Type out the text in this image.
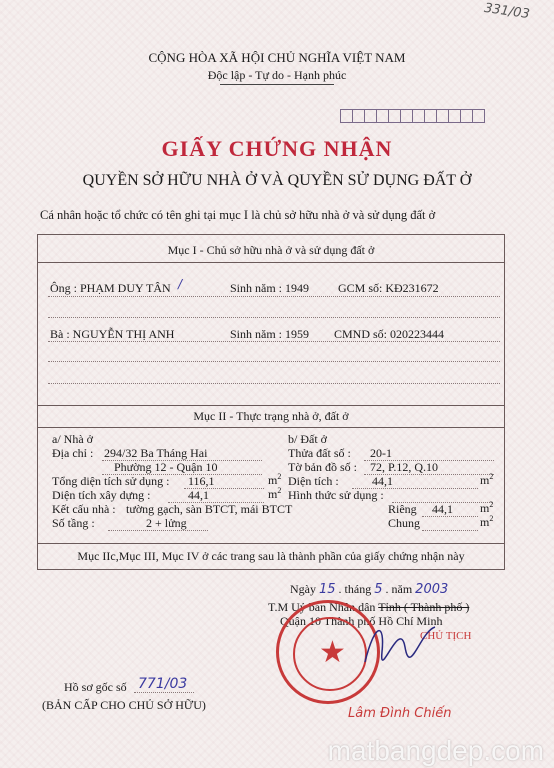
331/03
CỘNG HÒA XÃ HỘI CHỦ NGHĨA VIỆT NAM
Độc lập - Tự do - Hạnh phúc
GIẤY CHỨNG NHẬN
QUYỀN SỞ HỮU NHÀ Ở VÀ QUYỀN SỬ DỤNG ĐẤT Ở
Cá nhân hoặc tổ chức có tên ghi tại mục I là chủ sở hữu nhà ở và sử dụng đất ở
Mục I - Chủ sở hữu nhà ở và sử dụng đất ở
Ông : PHẠM DUY TÂN /	Sinh năm : 1949 GCM số: KĐ231672
Bà : NGUYỄN THỊ ANH	Sinh năm : 1959 CMND số: 020223444
Mục II - Thực trạng nhà ở, đất ở
a/ Nhà ở
Địa chỉ : 294/32 Ba Tháng Hai
Phường 12 - Quận 10
Tổng diện tích sử dụng : 116,1	$m^2$
Diện tích xây dựng :	44,1	$m^2$
Kết cấu nhà : tường gạch, sàn BTCT, mái BTCT
Số tầng :	2 + lửng
b/ Đất ở
Thửa đất số : 20-1
Tờ bản đồ số : 72, P.12, Q.10
Diện tích :	44,1	$m^2$
Hình thức sử dụng :
Riêng 44,1 $m^2$
Chung	$m^2$
Mục IIc,Mục III, Mục IV ở các trang sau là thành phần của giấy chứng nhận này
Ngày 15 . tháng 5 . năm 2003
T.M Uỷ ban Nhân dân Tỉnh ( Thành phố )
Quận 10 Thành phố Hồ Chí Minh
CHỦ TỊCH
★
Hồ sơ gốc số 771/03
(BẢN CẤP CHO CHỦ SỞ HỮU)
Lâm Đình Chiến
matbangdep.com
